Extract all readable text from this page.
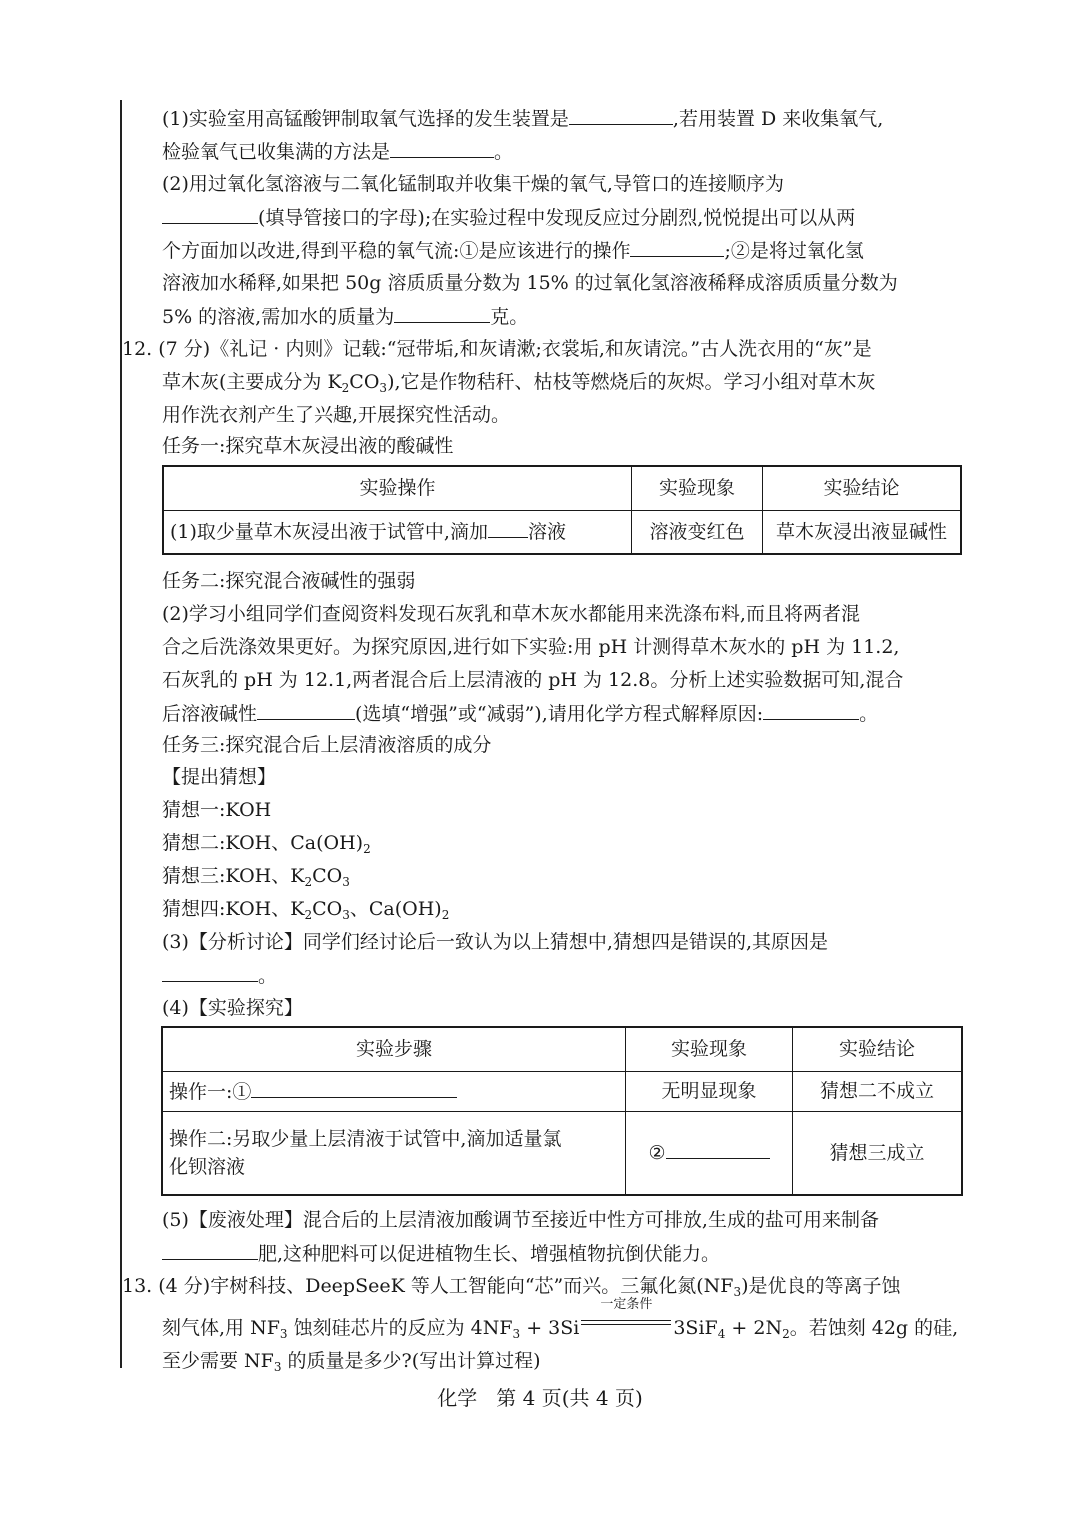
(1)实验室用高锰酸钾制取氧气选择的发生装置是	,若用装置 D 来收集氧气,
检验氧气已收集满的方法是	。
(2)用过氧化氢溶液与二氧化锰制取并收集干燥的氧气,导管口的连接顺序为
(填导管接口的字母);在实验过程中发现反应过分剧烈,悦悦提出可以从两
个方面加以改进,得到平稳的氧气流:①是应该进行的操作	;②是将过氧化氢
溶液加水稀释,如果把 50g 溶质质量分数为 15% 的过氧化氢溶液稀释成溶质质量分数为
5% 的溶液,需加水的质量为	克。
12. (7 分)《礼记 · 内则》记载:“冠带垢,和灰请漱;衣裳垢,和灰请浣。”古人洗衣用的“灰”是
草木灰(主要成分为 $K_2CO_3$),它是作物秸秆、枯枝等燃烧后的灰烬。学习小组对草木灰
用作洗衣剂产生了兴趣,开展探究性活动。
任务一:探究草木灰浸出液的酸碱性
实验操作	实验现象	实验结论
(1)取少量草木灰浸出液于试管中,滴加 溶液	溶液变红色	草木灰浸出液显碱性
任务二:探究混合液碱性的强弱
(2)学习小组同学们查阅资料发现石灰乳和草木灰水都能用来洗涤布料,而且将两者混
合之后洗涤效果更好。为探究原因,进行如下实验:用 pH 计测得草木灰水的 pH 为 11.2,
石灰乳的 pH 为 12.1,两者混合后上层清液的 pH 为 12.8。分析上述实验数据可知,混合
后溶液碱性	(选填“增强”或“减弱”),请用化学方程式解释原因:	。
任务三:探究混合后上层清液溶质的成分
【提出猜想】
猜想一:KOH
猜想二:KOH、$Ca(OH)_2$
猜想三:KOH、$K_2CO_3$
猜想四:KOH、$K_2CO_3$、$Ca(OH)_2$
(3)【分析讨论】同学们经讨论后一致认为以上猜想中,猜想四是错误的,其原因是
。
(4)【实验探究】
实验步骤	实验现象	实验结论
操作一:①	无明显现象	猜想二不成立

操作二:另取少量上层清液于试管中,滴加适量氯
化钡溶液	②	猜想三成立
(5)【废液处理】混合后的上层清液加酸调节至接近中性方可排放,生成的盐可用来制备
肥,这种肥料可以促进植物生长、增强植物抗倒伏能力。
13. (4 分)宇树科技、DeepSeeK 等人工智能向“芯”而兴。三氟化氮$(NF_3)$是优良的等离子蚀
刻气体,用 $NF_3$ 蚀刻硅芯片的反应为 $4NF_3 + 3Si$
一定条件
$3SiF_4 + 2N_2$。若蚀刻 42g 的硅,
至少需要 $NF_3$ 的质量是多少?(写出计算过程)
化学   第 4 页(共 4 页)
